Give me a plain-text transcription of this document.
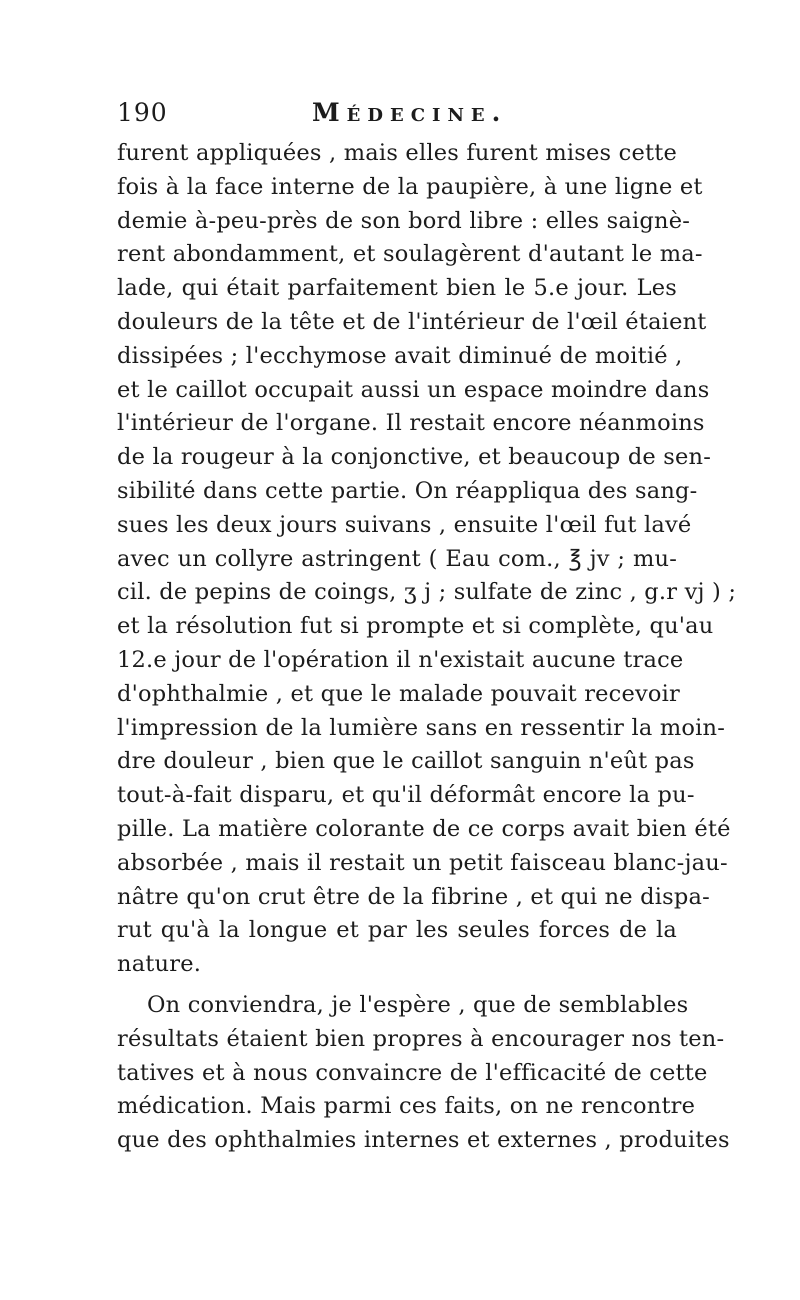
190	Médecine.
furent appliquées , mais elles furent mises cette
fois à la face interne de la paupière, à une ligne et
demie à-peu-près de son bord libre : elles saignè-
rent abondamment, et soulagèrent d'autant le ma-
lade, qui était parfaitement bien le 5.e jour. Les
douleurs de la tête et de l'intérieur de l'œil étaient
dissipées ; l'ecchymose avait diminué de moitié ,
et le caillot occupait aussi un espace moindre dans
l'intérieur de l'organe. Il restait encore néanmoins
de la rougeur à la conjonctive, et beaucoup de sen-
sibilité dans cette partie. On réappliqua des sang-
sues les deux jours suivans , ensuite l'œil fut lavé
avec un collyre astringent ( Eau com., ℥ jv ; mu-
cil. de pepins de coings, ʒ j ; sulfate de zinc , g.r vj ) ;
et la résolution fut si prompte et si complète, qu'au
12.e jour de l'opération il n'existait aucune trace
d'ophthalmie , et que le malade pouvait recevoir
l'impression de la lumière sans en ressentir la moin-
dre douleur , bien que le caillot sanguin n'eût pas
tout-à-fait disparu, et qu'il déformât encore la pu-
pille. La matière colorante de ce corps avait bien été
absorbée , mais il restait un petit faisceau blanc-jau-
nâtre qu'on crut être de la fibrine , et qui ne dispa-
rut qu'à la longue et par les seules forces de la
nature.
On conviendra, je l'espère , que de semblables
résultats étaient bien propres à encourager nos ten-
tatives et à nous convaincre de l'efficacité de cette
médication. Mais parmi ces faits, on ne rencontre
que des ophthalmies internes et externes , produites
